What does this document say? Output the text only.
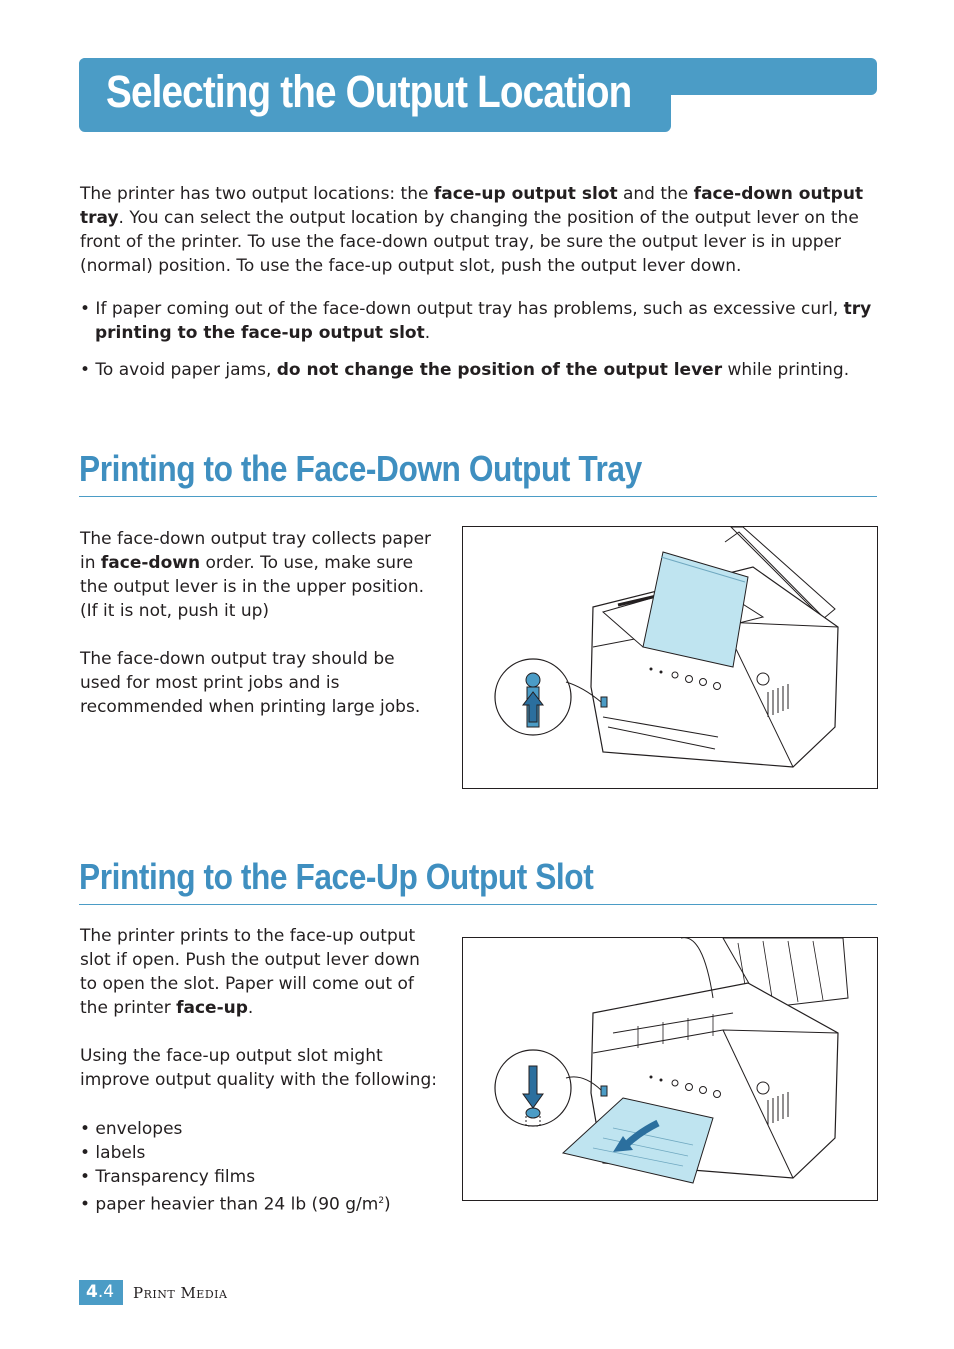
Selecting the Output Location

The printer has two output locations: the face-up output slot and the face-down output tray. You can select the output location by changing the position of the output lever on the front of the printer. To use the face-down output tray, be sure the output lever is in upper (normal) position. To use the face-up output slot, push the output lever down.

• If paper coming out of the face-down output tray has problems, such as excessive curl, try printing to the face-up output slot.

• To avoid paper jams, do not change the position of the output lever while printing.

Printing to the Face-Down Output Tray

The face-down output tray collects paper in face-down order. To use, make sure the output lever is in the upper position. (If it is not, push it up)

The face-down output tray should be used for most print jobs and is recommended when printing large jobs.

Printing to the Face-Up Output Slot

The printer prints to the face-up output slot if open. Push the output lever down to open the slot. Paper will come out of the printer face-up.

Using the face-up output slot might improve output quality with the following:

• envelopes

• labels

• Transparency films

• paper heavier than 24 lb (90 $g/m^2$)

4.4 Print Media
